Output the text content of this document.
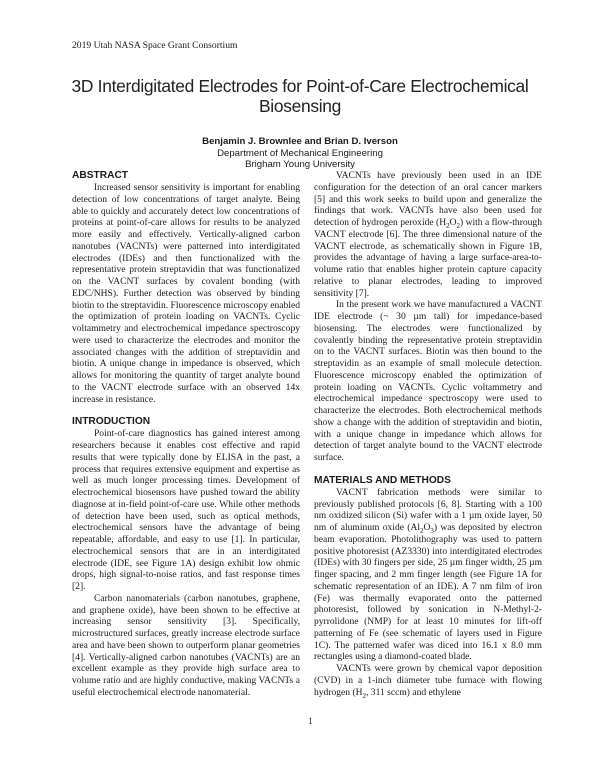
2019 Utah NASA Space Grant Consortium
3D Interdigitated Electrodes for Point-of-Care Electrochemical Biosensing
Benjamin J. Brownlee and Brian D. Iverson
Department of Mechanical Engineering
Brigham Young University
ABSTRACT

Increased sensor sensitivity is important for enabling detection of low concentrations of target analyte. Being able to quickly and accurately detect low concentrations of proteins at point-of-care allows for results to be analyzed more easily and effectively. Vertically-aligned carbon nanotubes (VACNTs) were patterned into interdigitated electrodes (IDEs) and then functionalized with the representative protein streptavidin that was functionalized on the VACNT surfaces by covalent bonding (with EDC/NHS). Further detection was observed by binding biotin to the streptavidin. Fluorescence microscopy enabled the optimization of protein loading on VACNTs. Cyclic voltammetry and electrochemical impedance spectroscopy were used to characterize the electrodes and monitor the associated changes with the addition of streptavidin and biotin. A unique change in impedance is observed, which allows for monitoring the quantity of target analyte bound to the VACNT electrode surface with an observed 14x increase in resistance.

INTRODUCTION

Point-of-care diagnostics has gained interest among researchers because it enables cost effective and rapid results that were typically done by ELISA in the past, a process that requires extensive equipment and expertise as well as much longer processing times. Development of electrochemical biosensors have pushed toward the ability diagnose at in-field point-of-care use. While other methods of detection have been used, such as optical methods, electrochemical sensors have the advantage of being repeatable, affordable, and easy to use [1]. In particular, electrochemical sensors that are in an interdigitated electrode (IDE, see Figure 1A) design exhibit low ohmic drops, high signal-to-noise ratios, and fast response times [2].

Carbon nanomaterials (carbon nanotubes, graphene, and graphene oxide), have been shown to be effective at increasing sensor sensitivity [3]. Specifically, microstructured surfaces, greatly increase electrode surface area and have been shown to outperform planar geometries [4]. Vertically-aligned carbon nanotubes (VACNTs) are an excellent example as they provide high surface area to volume ratio and are highly conductive, making VACNTs a useful electrochemical electrode nanomaterial.

VACNTs have previously been used in an IDE configuration for the detection of an oral cancer markers [5] and this work seeks to build upon and generalize the findings that work. VACNTs have also been used for detection of hydrogen peroxide $(H_2O_2)$ with a flow-through VACNT electrode [6]. The three dimensional nature of the VACNT electrode, as schematically shown in Figure 1B, provides the advantage of having a large surface-area-to-volume ratio that enables higher protein capture capacity relative to planar electrodes, leading to improved sensitivity [7].

In the present work we have manufactured a VACNT IDE electrode (~ 30 µm tall) for impedance-based biosensing. The electrodes were functionalized by covalently binding the representative protein streptavidin on to the VACNT surfaces. Biotin was then bound to the streptavidin as an example of small molecule detection. Fluorescence microscopy enabled the optimization of protein loading on VACNTs. Cyclic voltammetry and electrochemical impedance spectroscopy were used to characterize the electrodes. Both electrochemical methods show a change with the addition of streptavidin and biotin, with a unique change in impedance which allows for detection of target analyte bound to the VACNT electrode surface.

MATERIALS AND METHODS

VACNT fabrication methods were similar to previously published protocols [6, 8]. Starting with a 100 nm oxidized silicon (Si) wafer with a 1 µm oxide layer, 50 nm of aluminum oxide $(Al_2O_3)$ was deposited by electron beam evaporation. Photolithography was used to pattern positive photoresist (AZ3330) into interdigitated electrodes (IDEs) with 30 fingers per side, 25 µm finger width, 25 µm finger spacing, and 2 mm finger length (see Figure 1A for schematic representation of an IDE). A 7 nm film of iron (Fe) was thermally evaporated onto the patterned photoresist, followed by sonication in N-Methyl-2-pyrrolidone (NMP) for at least 10 minutes for lift-off patterning of Fe (see schematic of layers used in Figure 1C). The patterned wafer was diced into 16.1 x 8.0 mm rectangles using a diamond-coated blade.

VACNTs were grown by chemical vapor deposition (CVD) in a 1-inch diameter tube furnace with flowing hydrogen ($H_2$, 311 sccm) and ethylene

1
